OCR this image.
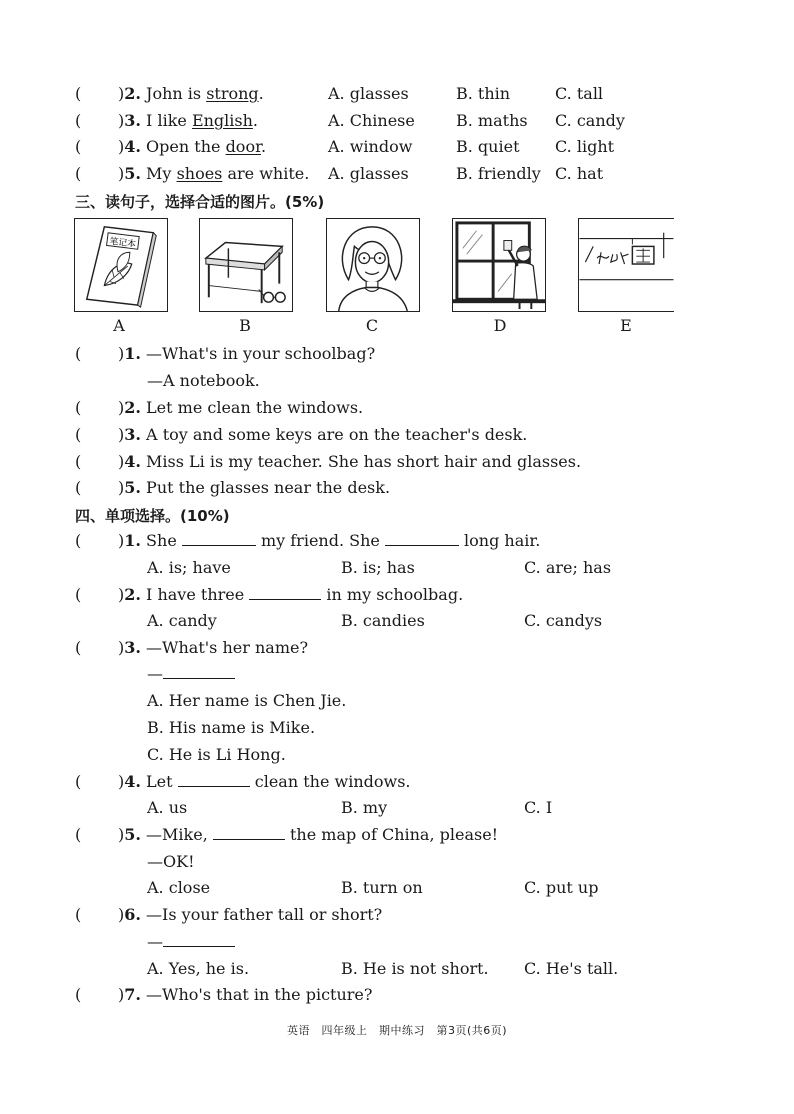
( )2. John is strong.	A. glasses	B. thin	C. tall
( )3. I like English.	A. Chinese	B. maths C. candy
( )4. Open the door.	A. window	B. quiet C. light
( )5. My shoes are white. A. glasses	B. friendly C. hat
三、读句子，选择合适的图片。(5%)
笔记本
A	B	C	D	E
( )1. —What's in your schoolbag?
—A notebook.
( )2. Let me clean the windows.
( )3. A toy and some keys are on the teacher's desk.
( )4. Miss Li is my teacher. She has short hair and glasses.
( )5. Put the glasses near the desk.
四、单项选择。(10%)
( )1. She	my friend. She	long hair.
A. is; have	B. is; has	C. are; has
( )2. I have three	in my schoolbag.
A. candy	B. candies	C. candys
( )3. —What's her name?
—
A. Her name is Chen Jie.
B. His name is Mike.
C. He is Li Hong.
( )4. Let	clean the windows.
A. us	B. my	C. I
( )5. —Mike,	the map of China, please!
—OK!
A. close	B. turn on	C. put up
( )6. —Is your father tall or short?
—
A. Yes, he is.	B. He is not short. C. He's tall.
( )7. —Who's that in the picture?
英语　四年级上　期中练习　第3页(共6页)
